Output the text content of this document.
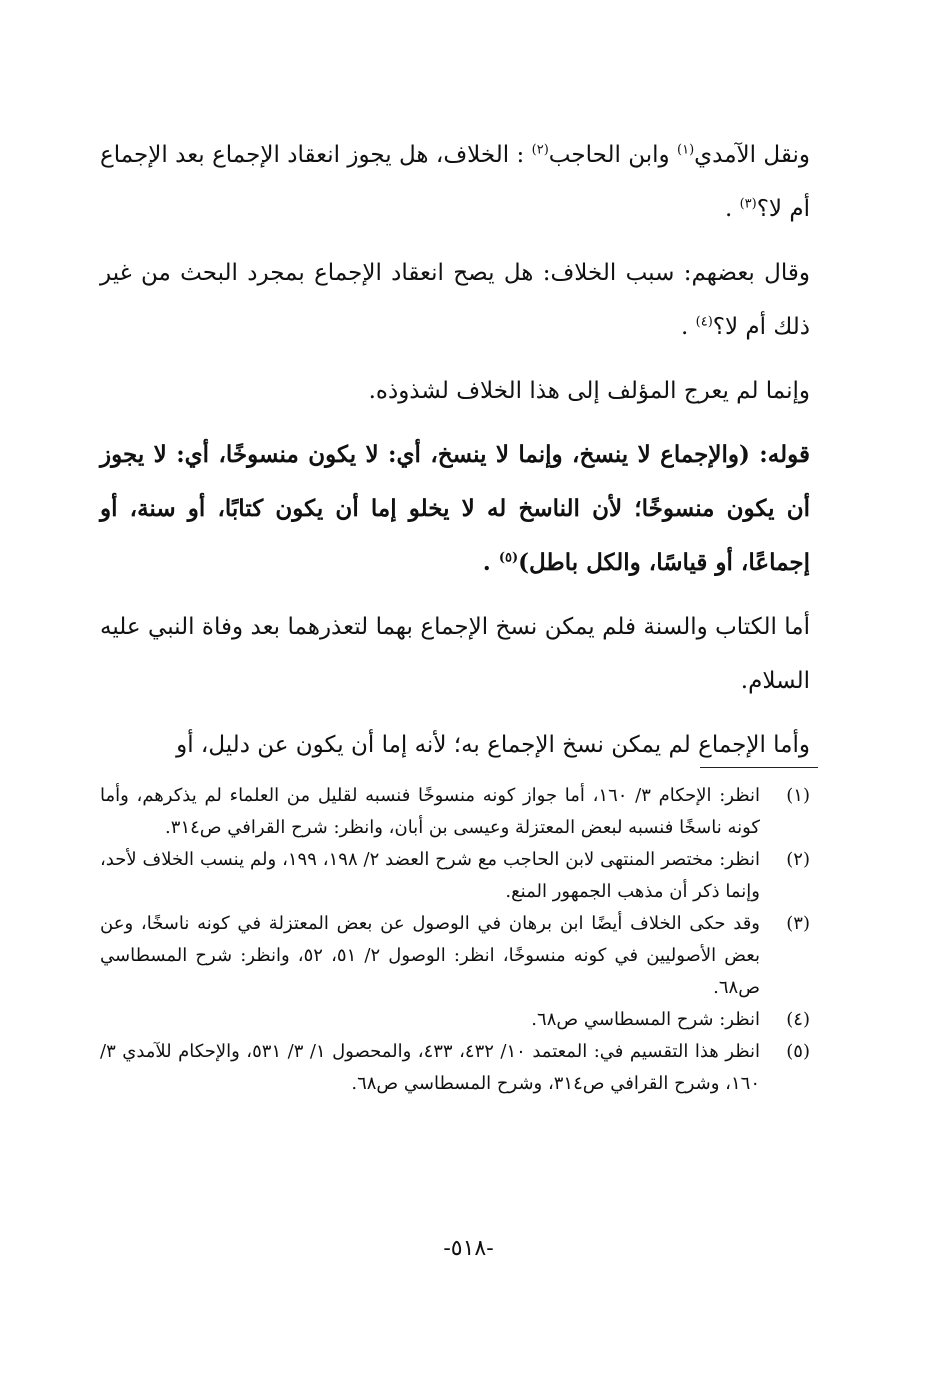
ونقل الآمدي$^{(١)}$ وابن الحاجب$^{(٢)}$ : الخلاف، هل يجوز انعقاد الإجماع بعد الإجماع أم لا؟$^{(٣)}$ .

وقال بعضهم: سبب الخلاف: هل يصح انعقاد الإجماع بمجرد البحث من غير ذلك أم لا؟$^{(٤)}$ .

وإنما لم يعرج المؤلف إلى هذا الخلاف لشذوذه.

قوله: (والإجماع لا ينسخ، وإنما لا ينسخ، أي: لا يكون منسوخًا، أي: لا يجوز أن يكون منسوخًا؛ لأن الناسخ له لا يخلو إما أن يكون كتابًا، أو سنة، أو إجماعًا، أو قياسًا، والكل باطل)$^{(٥)}$ .

أما الكتاب والسنة فلم يمكن نسخ الإجماع بهما لتعذرهما بعد وفاة النبي عليه السلام.

وأما الإجماع لم يمكن نسخ الإجماع به؛ لأنه إما أن يكون عن دليل، أو

(١)
انظر: الإحكام ٣/ ١٦٠، أما جواز كونه منسوخًا فنسبه لقليل من العلماء لم يذكرهم، وأما كونه ناسخًا فنسبه لبعض المعتزلة وعيسى بن أبان، وانظر: شرح القرافي ص٣١٤.
(٢)
انظر: مختصر المنتهى لابن الحاجب مع شرح العضد ٢/ ١٩٨، ١٩٩، ولم ينسب الخلاف لأحد، وإنما ذكر أن مذهب الجمهور المنع.
(٣)
وقد حكى الخلاف أيضًا ابن برهان في الوصول عن بعض المعتزلة في كونه ناسخًا، وعن بعض الأصوليين في كونه منسوخًا، انظر: الوصول ٢/ ٥١، ٥٢، وانظر: شرح المسطاسي ص٦٨.
(٤)
انظر: شرح المسطاسي ص٦٨.
(٥)
انظر هذا التقسيم في: المعتمد ١٠/ ٤٣٢، ٤٣٣، والمحصول ١/ ٣/ ٥٣١، والإحكام للآمدي ٣/ ١٦٠، وشرح القرافي ص٣١٤، وشرح المسطاسي ص٦٨.
-٥١٨-
